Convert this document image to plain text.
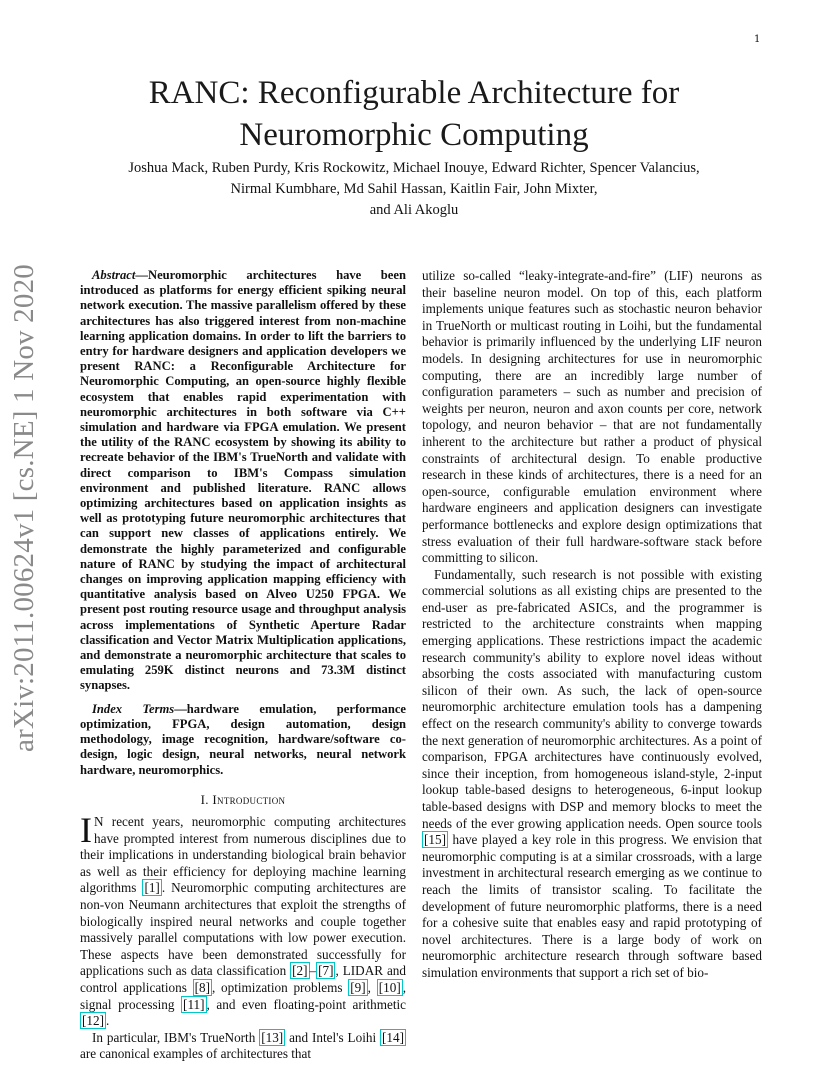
1
arXiv:2011.00624v1 [cs.NE] 1 Nov 2020
RANC: Reconfigurable Architecture for Neuromorphic Computing
Joshua Mack, Ruben Purdy, Kris Rockowitz, Michael Inouye, Edward Richter, Spencer Valancius,
Nirmal Kumbhare, Md Sahil Hassan, Kaitlin Fair, John Mixter,
and Ali Akoglu

Abstract—Neuromorphic architectures have been introduced as platforms for energy efficient spiking neural network execution. The massive parallelism offered by these architectures has also triggered interest from non-machine learning application domains. In order to lift the barriers to entry for hardware designers and application developers we present RANC: a Reconfigurable Architecture for Neuromorphic Computing, an open-source highly flexible ecosystem that enables rapid experimentation with neuromorphic architectures in both software via C++ simulation and hardware via FPGA emulation. We present the utility of the RANC ecosystem by showing its ability to recreate behavior of the IBM's TrueNorth and validate with direct comparison to IBM's Compass simulation environment and published literature. RANC allows optimizing architectures based on application insights as well as prototyping future neuromorphic architectures that can support new classes of applications entirely. We demonstrate the highly parameterized and configurable nature of RANC by studying the impact of architectural changes on improving application mapping efficiency with quantitative analysis based on Alveo U250 FPGA. We present post routing resource usage and throughput analysis across implementations of Synthetic Aperture Radar classification and Vector Matrix Multiplication applications, and demonstrate a neuromorphic architecture that scales to emulating 259K distinct neurons and 73.3M distinct synapses.

Index Terms—hardware emulation, performance optimization, FPGA, design automation, design methodology, image recognition, hardware/software co-design, logic design, neural networks, neural network hardware, neuromorphics.

I. Introduction

I N recent years, neuromorphic computing architectures have prompted interest from numerous disciplines due to their implications in understanding biological brain behavior as well as their efficiency for deploying machine learning algorithms [1] . Neuromorphic computing architectures are non-von Neumann architectures that exploit the strengths of biologically inspired neural networks and couple together massively parallel computations with low power execution. These aspects have been demonstrated successfully for applications such as data classification [2] – [7] , LIDAR and control applications [8] , optimization problems [9] , [10] , signal processing [11] , and even floating-point arithmetic [12] .

In particular, IBM's TrueNorth [13] and Intel's Loihi [14] are canonical examples of architectures that

utilize so-called “leaky-integrate-and-fire” (LIF) neurons as their baseline neuron model. On top of this, each platform implements unique features such as stochastic neuron behavior in TrueNorth or multicast routing in Loihi, but the fundamental behavior is primarily influenced by the underlying LIF neuron models. In designing architectures for use in neuromorphic computing, there are an incredibly large number of configuration parameters – such as number and precision of weights per neuron, neuron and axon counts per core, network topology, and neuron behavior – that are not fundamentally inherent to the architecture but rather a product of physical constraints of architectural design. To enable productive research in these kinds of architectures, there is a need for an open-source, configurable emulation environment where hardware engineers and application designers can investigate performance bottlenecks and explore design optimizations that stress evaluation of their full hardware-software stack before committing to silicon.

Fundamentally, such research is not possible with existing commercial solutions as all existing chips are presented to the end-user as pre-fabricated ASICs, and the programmer is restricted to the architecture constraints when mapping emerging applications. These restrictions impact the academic research community's ability to explore novel ideas without absorbing the costs associated with manufacturing custom silicon of their own. As such, the lack of open-source neuromorphic architecture emulation tools has a dampening effect on the research community's ability to converge towards the next generation of neuromorphic architectures. As a point of comparison, FPGA architectures have continuously evolved, since their inception, from homogeneous island-style, 2-input lookup table-based designs to heterogeneous, 6-input lookup table-based designs with DSP and memory blocks to meet the needs of the ever growing application needs. Open source tools [15] have played a key role in this progress. We envision that neuromorphic computing is at a similar crossroads, with a large investment in architectural research emerging as we continue to reach the limits of transistor scaling. To facilitate the development of future neuromorphic platforms, there is a need for a cohesive suite that enables easy and rapid prototyping of novel architectures. There is a large body of work on neuromorphic architecture research through software based simulation environments that support a rich set of bio-
